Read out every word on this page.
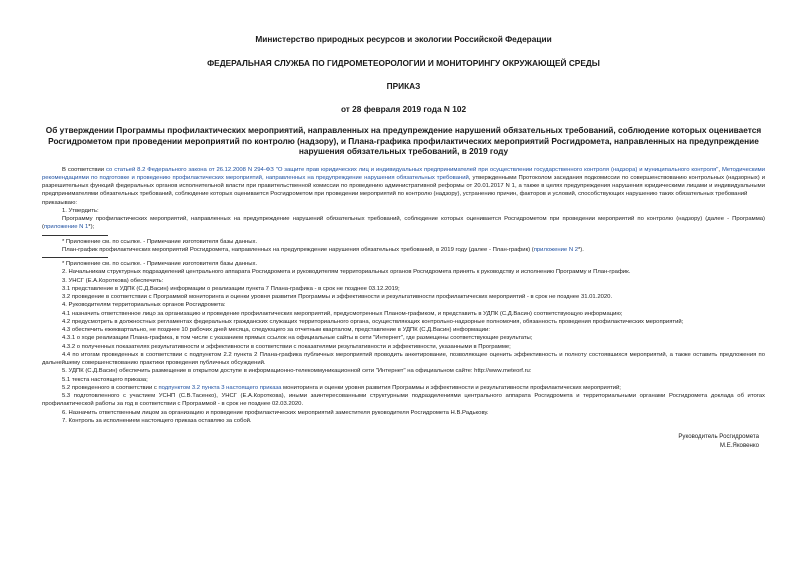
Министерство природных ресурсов и экологии Российской Федерации
ФЕДЕРАЛЬНАЯ СЛУЖБА ПО ГИДРОМЕТЕОРОЛОГИИ И МОНИТОРИНГУ ОКРУЖАЮЩЕЙ СРЕДЫ
ПРИКАЗ
от 28 февраля 2019 года N 102
Об утверждении Программы профилактических мероприятий, направленных на предупреждение нарушений обязательных требований, соблюдение которых оценивается Росгидрометом при проведении мероприятий по контролю (надзору), и Плана-графика профилактических мероприятий Росгидромета, направленных на предупреждение нарушения обязательных требований, в 2019 году

В соответствии со статьей 8.2 Федерального закона от 26.12.2008 N 294-ФЗ "О защите прав юридических лиц и индивидуальных предпринимателей при осуществлении государственного контроля (надзора) и муниципального контроля", Методическими рекомендациями по подготовке и проведению профилактических мероприятий, направленных на предупреждение нарушения обязательных требований, утвержденными Протоколом заседания подкомиссии по совершенствованию контрольных (надзорных) и разрешительных функций федеральных органов исполнительной власти при правительственной комиссии по проведению административной реформы от 20.01.2017 N 1, а также в целях предупреждения нарушения юридическими лицами и индивидуальными предпринимателями обязательных требований, соблюдение которых оценивается Росгидрометом при проведении мероприятий по контролю (надзору), устранению причин, факторов и условий, способствующих нарушению таких обязательных требований

приказываю:

1. Утвердить:

Программу профилактических мероприятий, направленных на предупреждение нарушений обязательных требований, соблюдение которых оценивается Росгидрометом при проведении мероприятий по контролю (надзору) (далее - Программа) (приложение N 1*);

* Приложение см. по ссылке. - Примечание изготовителя базы данных.

План-график профилактических мероприятий Росгидромета, направленных на предупреждение нарушения обязательных требований, в 2019 году (далее - План-график) (приложение N 2*).

* Приложение см. по ссылке. - Примечание изготовителя базы данных.

2. Начальникам структурных подразделений центрального аппарата Росгидромета и руководителям территориальных органов Росгидромета принять к руководству и исполнению Программу и План-график.

3. УНСГ (Е.А.Короткова) обеспечить:

3.1 представление в УДПК (С.Д.Васин) информации о реализации пункта 7 Плана-графика - в срок не позднее 03.12.2019;

3.2 проведение в соответствии с Программой мониторинга и оценки уровня развития Программы и эффективности и результативности профилактических мероприятий - в срок не позднее 31.01.2020.

4. Руководителям территориальных органов Росгидромета:

4.1 назначить ответственное лицо за организацию и проведение профилактических мероприятий, предусмотренных Планом-графиком, и представить в УДПК (С.Д.Васин) соответствующую информацию;

4.2 предусмотреть в должностных регламентах федеральных гражданских служащих территориального органа, осуществляющих контрольно-надзорные полномочия, обязанность проведения профилактических мероприятий;

4.3 обеспечить ежеквартально, не позднее 10 рабочих дней месяца, следующего за отчетным кварталом, представление в УДПК (С.Д.Васин) информации:

4.3.1 о ходе реализации Плана-графика, в том числе с указанием прямых ссылок на официальные сайты в сети "Интернет", где размещены соответствующие результаты;

4.3.2 о полученных показателях результативности и эффективности в соответствии с показателями результативности и эффективности, указанными в Программе;

4.4 по итогам проведенных в соответствии с подпунктом 2.2 пункта 2 Плана-графика публичных мероприятий проводить анкетирование, позволяющее оценить эффективность и полноту состоявшихся мероприятий, а также оставить предложения по дальнейшему совершенствованию практики проведения публичных обсуждений.

5. УДПК (С.Д.Васин) обеспечить размещение в открытом доступе в информационно-телекоммуникационной сети "Интернет" на официальном сайте: http://www.meteorf.ru:

5.1 текста настоящего приказа;

5.2 проведенного в соответствии с подпунктом 3.2 пункта 3 настоящего приказа мониторинга и оценки уровня развития Программы и эффективности и результативности профилактических мероприятий;

5.3 подготовленного с участием УСНП (С.В.Тасенко), УНСГ (Е.А.Короткова), иными заинтересованными структурными подразделениями центрального аппарата Росгидромета и территориальными органами Росгидромета доклада об итогах профилактической работы за год в соответствии с Программой - в срок не позднее 02.03.2020.

6. Назначить ответственным лицом за организацию и проведение профилактических мероприятий заместителя руководителя Росгидромета Н.В.Радькову.

7. Контроль за исполнением настоящего приказа оставляю за собой.

Руководитель Росгидромета
М.Е.Яковенко
